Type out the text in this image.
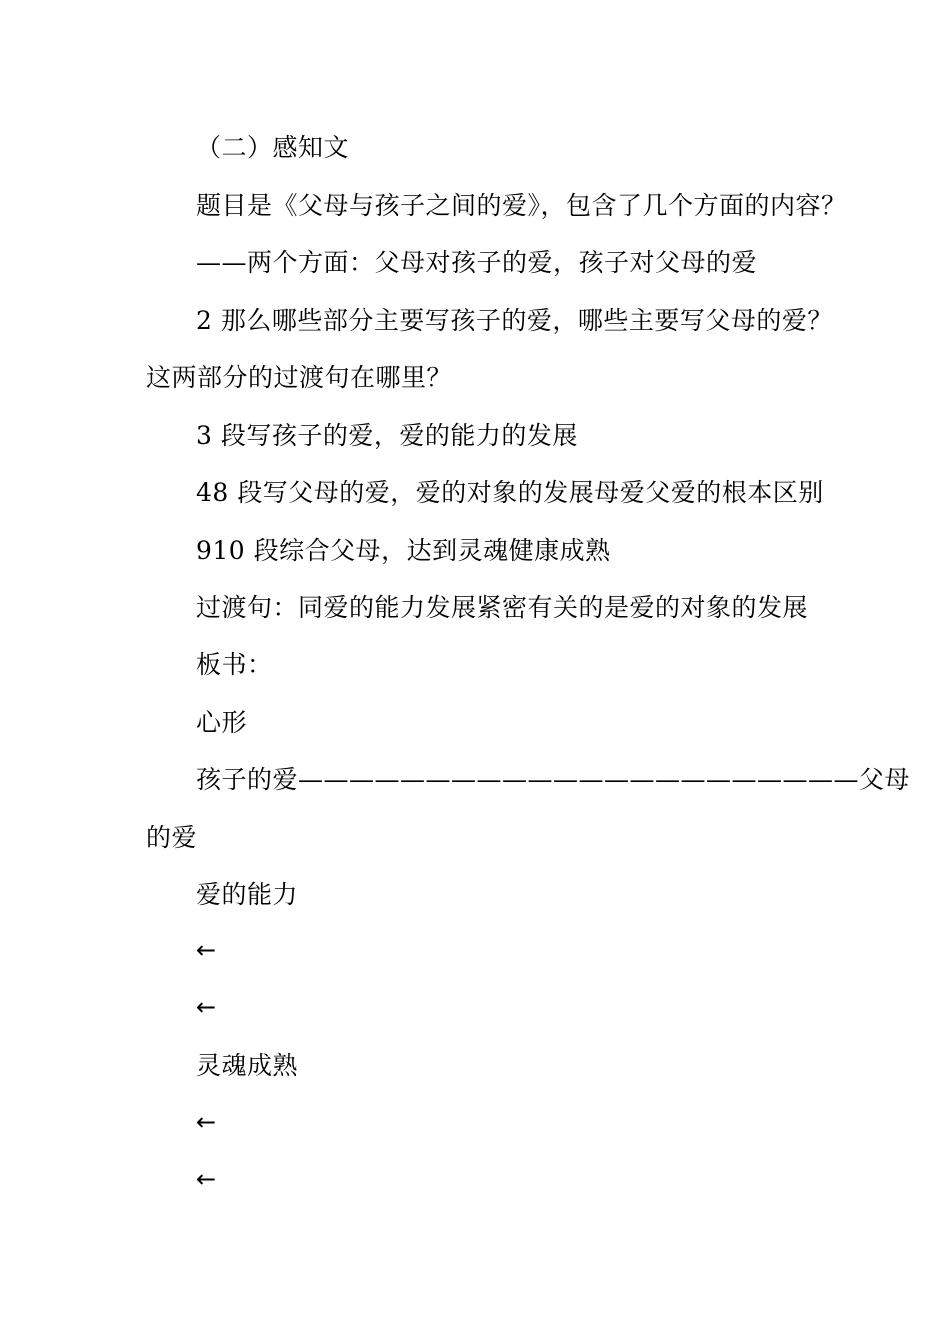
（二）感知文
题目是《父母与孩子之间的爱》，包含了几个方面的内容？
——两个方面：父母对孩子的爱，孩子对父母的爱
2 那么哪些部分主要写孩子的爱，哪些主要写父母的爱？
这两部分的过渡句在哪里？
3 段写孩子的爱，爱的能力的发展
48 段写父母的爱，爱的对象的发展母爱父爱的根本区别
910 段综合父母，达到灵魂健康成熟
过渡句：同爱的能力发展紧密有关的是爱的对象的发展
板书：
心形
孩子的爱——————————————————————父母
的爱
爱的能力
←
←
灵魂成熟
←
←
